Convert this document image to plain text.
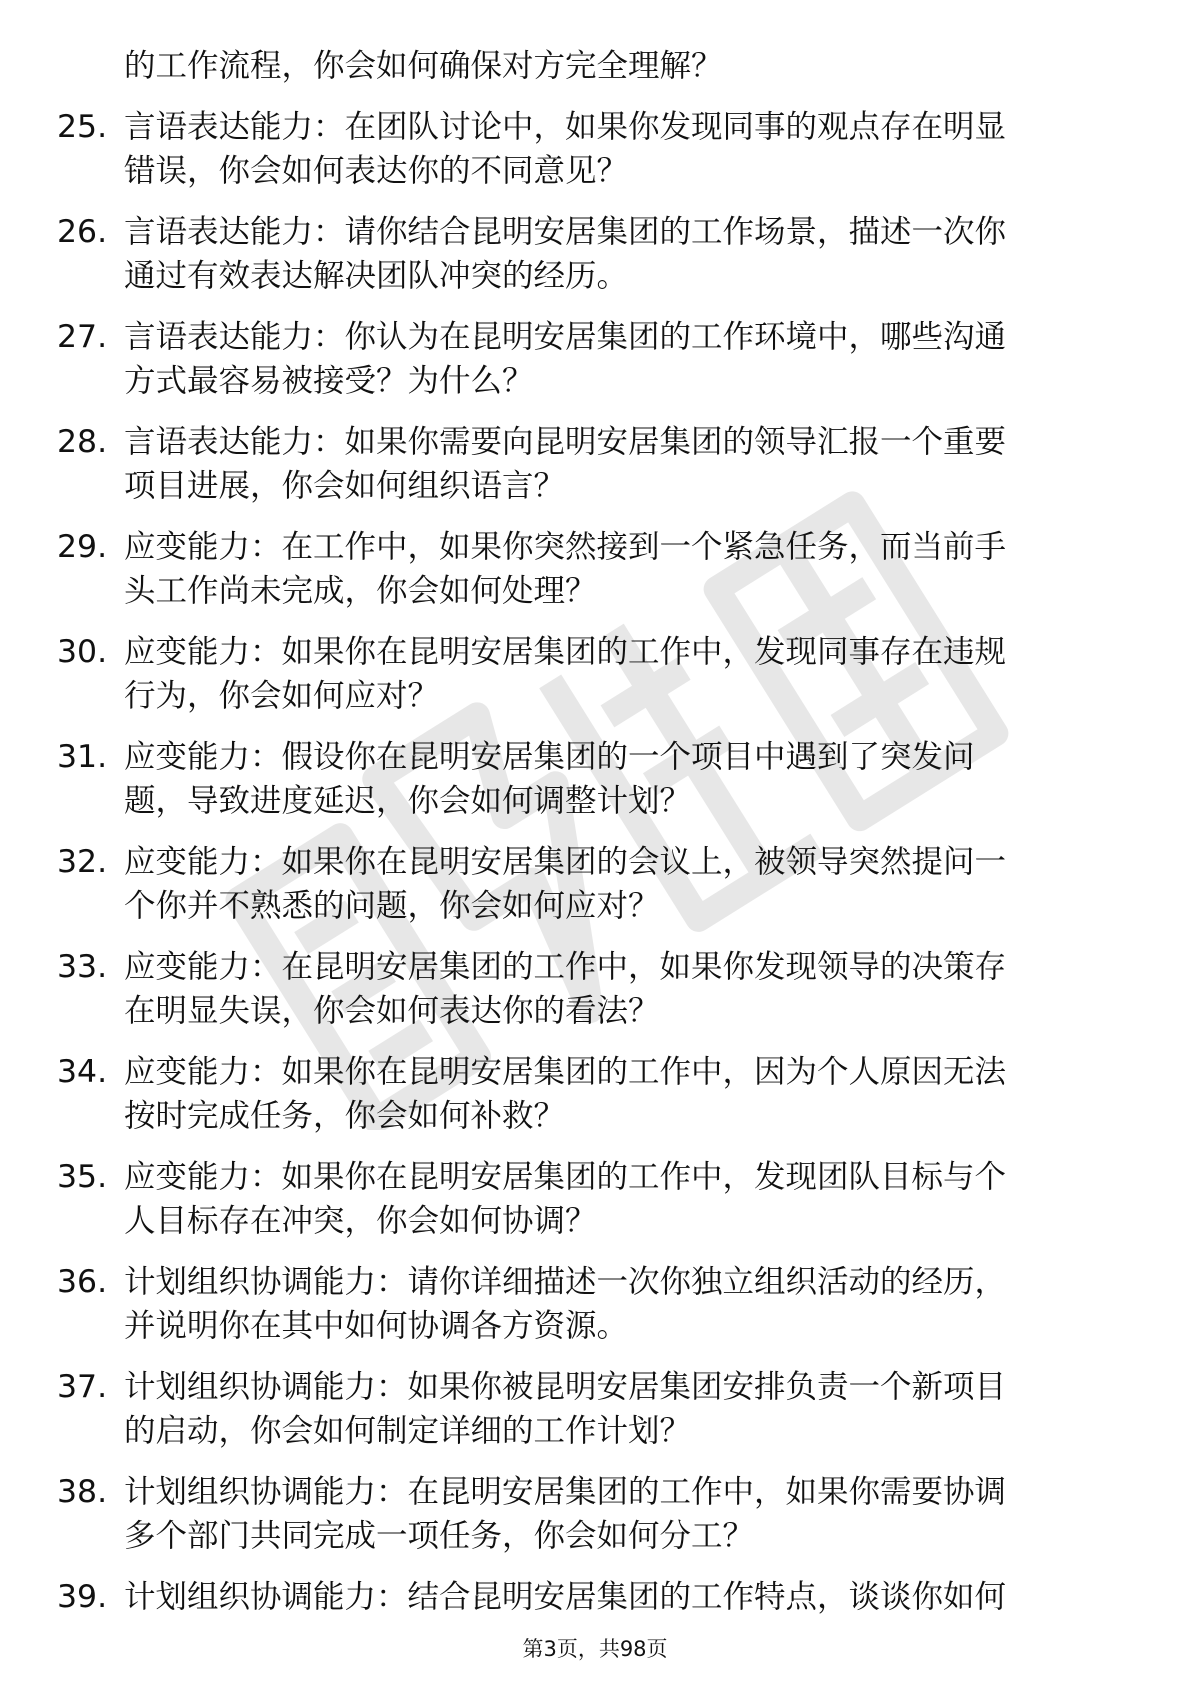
的工作流程，你会如何确保对方完全理解？
25. 言语表达能力：在团队讨论中，如果你发现同事的观点存在明显
错误，你会如何表达你的不同意见？
26. 言语表达能力：请你结合昆明安居集团的工作场景，描述一次你
通过有效表达解决团队冲突的经历。
27. 言语表达能力：你认为在昆明安居集团的工作环境中，哪些沟通
方式最容易被接受？为什么？
28. 言语表达能力：如果你需要向昆明安居集团的领导汇报一个重要
项目进展，你会如何组织语言？
29. 应变能力：在工作中，如果你突然接到一个紧急任务，而当前手
头工作尚未完成，你会如何处理？
30. 应变能力：如果你在昆明安居集团的工作中，发现同事存在违规
行为，你会如何应对？
31. 应变能力：假设你在昆明安居集团的一个项目中遇到了突发问
题，导致进度延迟，你会如何调整计划？
32. 应变能力：如果你在昆明安居集团的会议上，被领导突然提问一
个你并不熟悉的问题，你会如何应对？
33. 应变能力：在昆明安居集团的工作中，如果你发现领导的决策存
在明显失误，你会如何表达你的看法？
34. 应变能力：如果你在昆明安居集团的工作中，因为个人原因无法
按时完成任务，你会如何补救？
35. 应变能力：如果你在昆明安居集团的工作中，发现团队目标与个
人目标存在冲突，你会如何协调？
36. 计划组织协调能力：请你详细描述一次你独立组织活动的经历，
并说明你在其中如何协调各方资源。
37. 计划组织协调能力：如果你被昆明安居集团安排负责一个新项目
的启动，你会如何制定详细的工作计划？
38. 计划组织协调能力：在昆明安居集团的工作中，如果你需要协调
多个部门共同完成一项任务，你会如何分工？
39. 计划组织协调能力：结合昆明安居集团的工作特点，谈谈你如何
第3页，共98页
